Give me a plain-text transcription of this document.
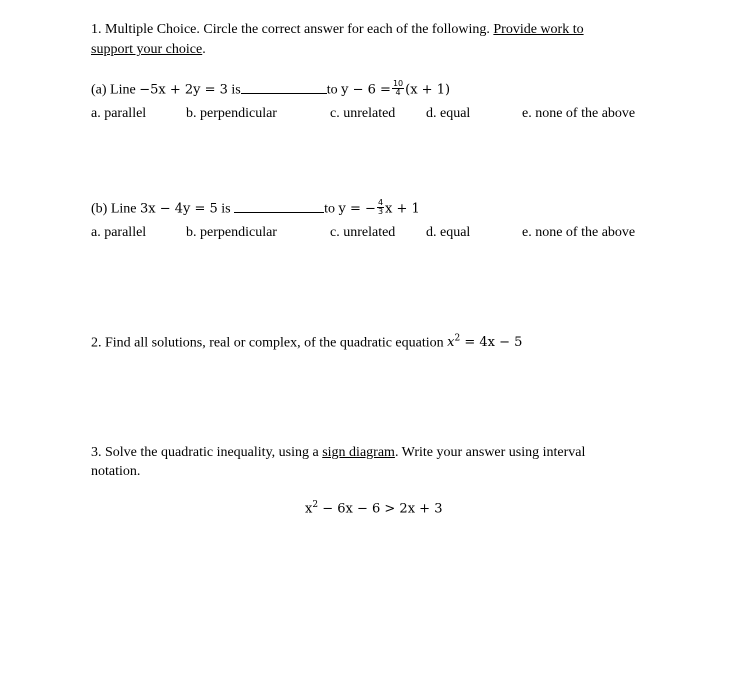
1. Multiple Choice. Circle the correct answer for each of the following. Provide work to
support your choice.
(a) Line −5x + 2y = 3 is	to $y - 6 = \frac{10}{4} (x + 1)$
a. parallel	b. perpendicular	c. unrelated d. equal	e. none of the above
(b) Line 3x − 4y = 5 is	to y = − $\frac{4}{3}$ x + 1
a. parallel	b. perpendicular	c. unrelated d. equal	e. none of the above
2. Find all solutions, real or complex, of the quadratic equation $x^2 = 4x - 5$
3. Solve the quadratic inequality, using a sign diagram. Write your answer using interval
notation.
$x^2 - 6x - 6 > 2x + 3$
